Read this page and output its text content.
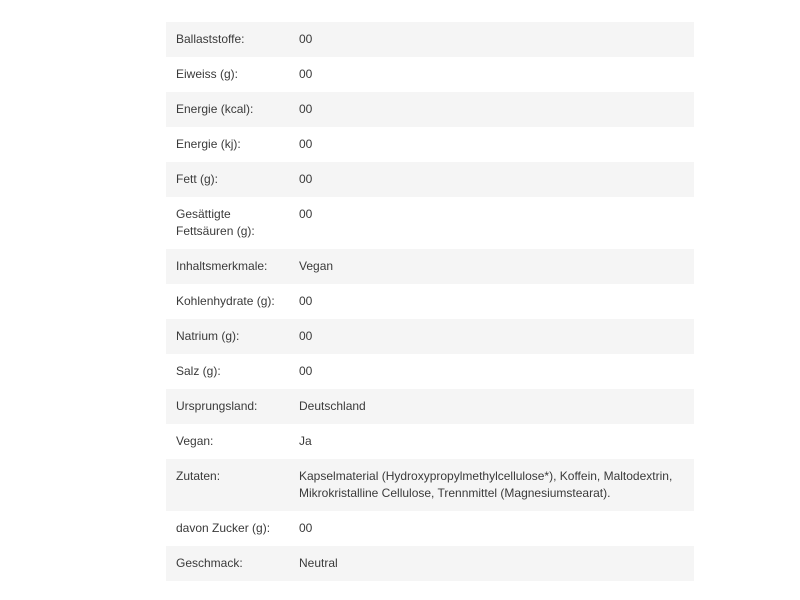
Ballaststoffe:	00
Eiweiss (g):	00
Energie (kcal):	00
Energie (kj):	00
Fett (g):	00
Gesättigte Fettsäuren (g):	00
Inhaltsmerkmale:	Vegan
Kohlenhydrate (g):	00
Natrium (g):	00
Salz (g):	00
Ursprungsland:	Deutschland
Vegan:	Ja
Zutaten:	Kapselmaterial (Hydroxypropylmethylcellulose*), Koffein, Maltodextrin, Mikrokristalline Cellulose, Trennmittel (Magnesiumstearat).
davon Zucker (g):	00
Geschmack:	Neutral
